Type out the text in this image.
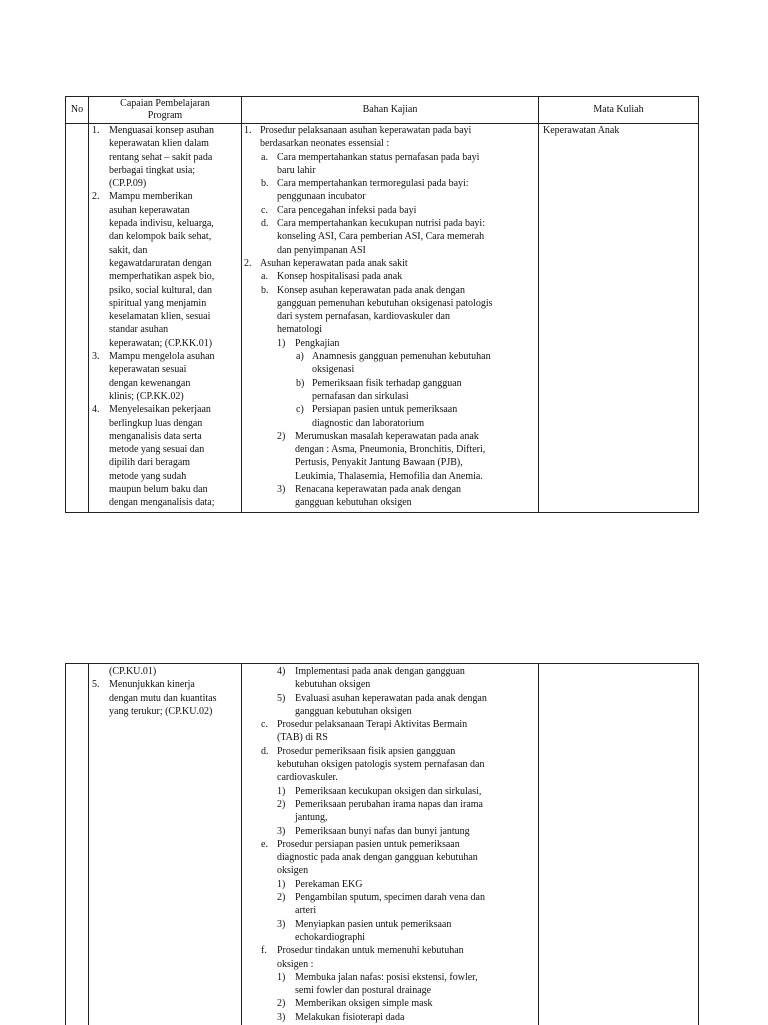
No
Capaian Pembelajaran
Program
Bahan Kajian	Mata Kuliah
1. Menguasai konsep asuhan
keperawatan klien dalam
rentang sehat – sakit pada
berbagai tingkat usia;
(CP.P.09)
2. Mampu memberikan
asuhan keperawatan
kepada indivisu, keluarga,
dan kelompok baik sehat,
sakit, dan
kegawatdaruratan dengan
memperhatikan aspek bio,
psiko, social kultural, dan
spiritual yang menjamin
keselamatan klien, sesuai
standar asuhan
keperawatan; (CP.KK.01)
3. Mampu mengelola asuhan
keperawatan sesuai
dengan kewenangan
klinis; (CP.KK.02)
4. Menyelesaikan pekerjaan
berlingkup luas dengan
menganalisis data serta
metode yang sesuai dan
dipilih dari beragam
metode yang sudah
maupun belum baku dan
dengan menganalisis data;
1. Prosedur pelaksanaan asuhan keperawatan pada bayi
berdasarkan neonates essensial :
a. Cara mempertahankan status pernafasan pada bayi
baru lahir
b. Cara mempertahankan termoregulasi pada bayi:
penggunaan incubator
c. Cara pencegahan infeksi pada bayi
d. Cara mempertahankan kecukupan nutrisi pada bayi:
konseling ASI, Cara pemberian ASI, Cara memerah
dan penyimpanan ASI
2. Asuhan keperawatan pada anak sakit
a. Konsep hospitalisasi pada anak
b. Konsep asuhan keperawatan pada anak dengan
gangguan pemenuhan kebutuhan oksigenasi patologis
dari system pernafasan, kardiovaskuler dan
hematologi
1) Pengkajian
a) Anamnesis gangguan pemenuhan kebutuhan
oksigenasi
b) Pemeriksaan fisik terhadap gangguan
pernafasan dan sirkulasi
c) Persiapan pasien untuk pemeriksaan
diagnostic dan laboratorium
2) Merumuskan masalah keperawatan pada anak
dengan : Asma, Pneumonia, Bronchitis, Difteri,
Pertusis, Penyakit Jantung Bawaan (PJB),
Leukimia, Thalasemia, Hemofilia dan Anemia.
3) Renacana keperawatan pada anak dengan
gangguan kebutuhan oksigen
Keperawatan Anak
(CP.KU.01)
5. Menunjukkan kinerja
dengan mutu dan kuantitas
yang terukur; (CP.KU.02)
4) Implementasi pada anak dengan gangguan
kebutuhan oksigen
5) Evaluasi asuhan keperawatan pada anak dengan
gangguan kebutuhan oksigen
c. Prosedur pelaksanaan Terapi Aktivitas Bermain
(TAB) di RS
d. Prosedur pemeriksaan fisik apsien gangguan
kebutuhan oksigen patologis system pernafasan dan
cardiovaskuler.
1) Pemeriksaan kecukupan oksigen dan sirkulasi,
2) Pemeriksaan perubahan irama napas dan irama
jantung,
3) Pemeriksaan bunyi nafas dan bunyi jantung
e. Prosedur persiapan pasien untuk pemeriksaan
diagnostic pada anak dengan gangguan kebutuhan
oksigen
1) Perekaman EKG
2) Pengambilan sputum, specimen darah vena dan
arteri
3) Menyiapkan pasien untuk pemeriksaan
echokardiographi
f. Prosedur tindakan untuk memenuhi kebutuhan
oksigen :
1) Membuka jalan nafas: posisi ekstensi, fowler,
semi fowler dan postural drainage
2) Memberikan oksigen simple mask
3) Melakukan fisioterapi dada
